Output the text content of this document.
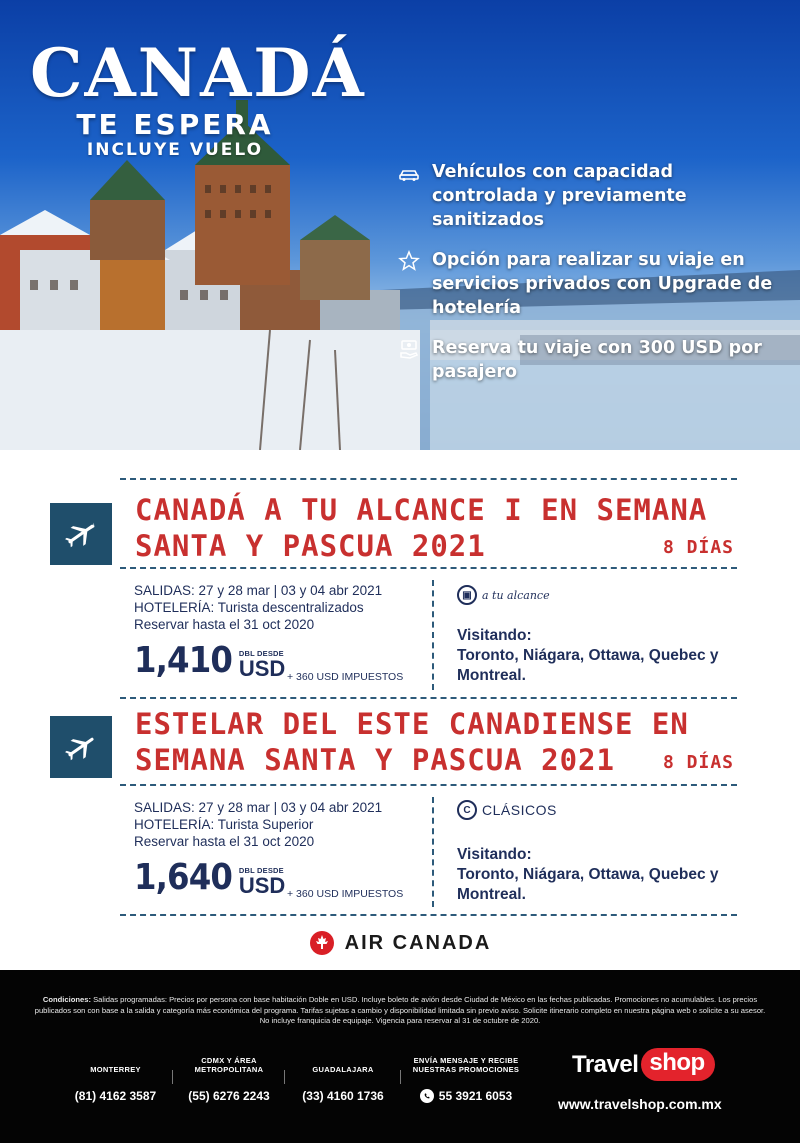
CANADÁ
TE ESPERA
INCLUYE VUELO
Vehículos con capacidad controlada y previamente sanitizados
Opción para realizar su viaje en servicios privados con Upgrade de hotelería
Reserva tu viaje con 300 USD por pasajero
CANADÁ A TU ALCANCE I EN SEMANA SANTA Y PASCUA 2021	8 DÍAS
SALIDAS: 27 y 28 mar | 03 y 04 abr 2021
HOTELERÍA: Turista descentralizados
Reservar hasta el 31 oct 2020
1,410 DBL DESDE
USD + 360 USD IMPUESTOS
▣ a tu alcance
Visitando:
Toronto, Niágara, Ottawa, Quebec y Montreal.
ESTELAR DEL ESTE CANADIENSE EN SEMANA SANTA Y PASCUA 2021	8 DÍAS
SALIDAS: 27 y 28 mar | 03 y 04 abr 2021
HOTELERÍA: Turista Superior
Reservar hasta el 31 oct 2020
1,640 DBL DESDE
USD + 360 USD IMPUESTOS
C CLÁSICOS
Visitando:
Toronto, Niágara, Ottawa, Quebec y Montreal.
AIR CANADA
Condiciones: Salidas programadas: Precios por persona con base habitación Doble en USD. Incluye boleto de avión desde Ciudad de México en las fechas publicadas. Promociones no acumulables. Los precios publicados son con base a la salida y categoría más económica del programa. Tarifas sujetas a cambio y disponibilidad limitada sin previo aviso. Solicite itinerario completo en nuestra página web o solicite a su asesor. No incluye franquicia de equipaje. Vigencia para reservar al 31 de octubre de 2020.
MONTERREY
(81) 4162 3587
CDMX Y ÁREA METROPOLITANA
(55) 6276 2243
GUADALAJARA
(33) 4160 1736
ENVÍA MENSAJE Y RECIBE NUESTRAS PROMOCIONES
55 3921 6053
Travel shop
www.travelshop.com.mx
